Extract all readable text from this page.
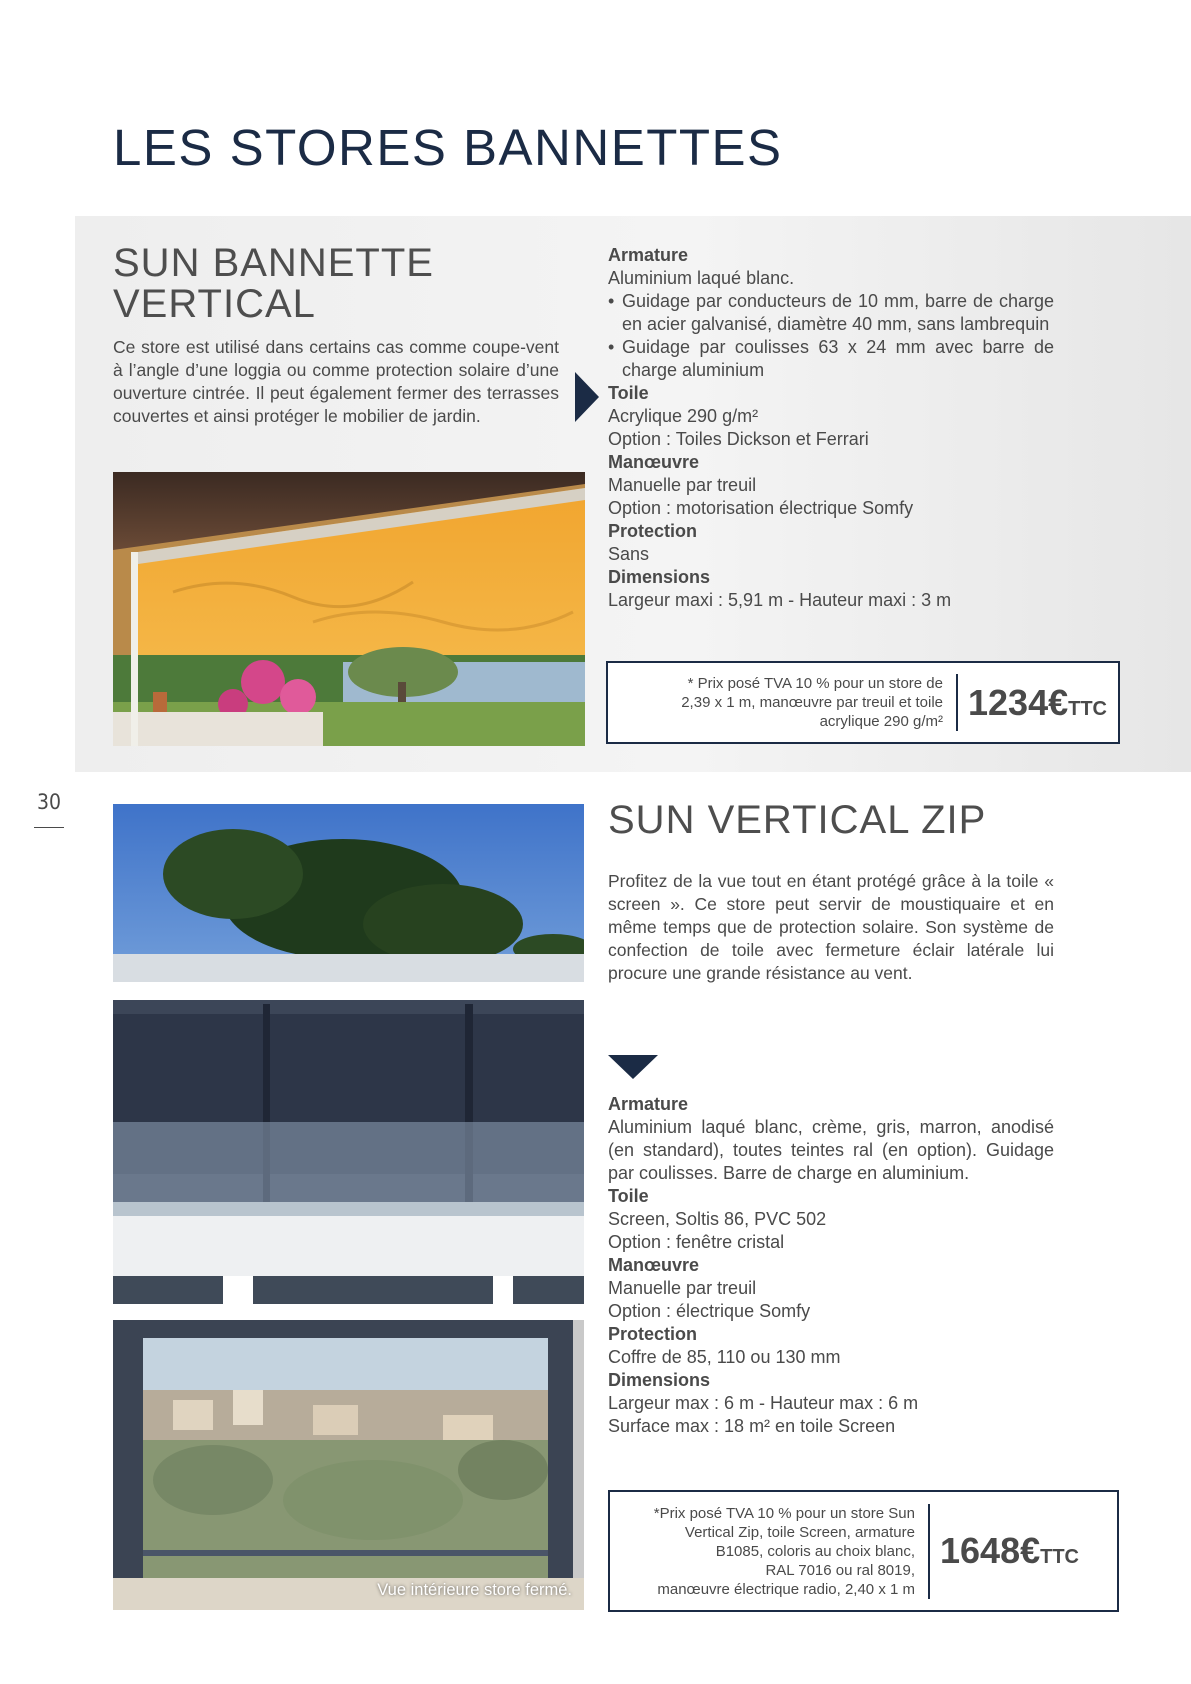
LES STORES BANNETTES
SUN BANNETTE
VERTICAL

Ce store est utilisé dans certains cas comme coupe-vent à l’angle d’une loggia ou comme protection solaire d’une ouverture cintrée. Il peut également fermer des terrasses couvertes et ainsi protéger le mobilier de jardin.

Armature

Aluminium laqué blanc.

• Guidage par conducteurs de 10 mm, barre de charge en acier galvanisé, diamètre 40 mm, sans lambrequin
• Guidage par coulisses 63 x 24 mm avec barre de charge aluminium
Toile

Acrylique 290 g/m²

Option : Toiles Dickson et Ferrari

Manœuvre

Manuelle par treuil

Option : motorisation électrique Somfy

Protection

Sans

Dimensions

Largeur maxi : 5,91 m - Hauteur maxi : 3 m

* Prix posé TVA 10 % pour un store de
2,39 x 1 m, manœuvre par treuil et toile
acrylique 290 g/m² 1234€TTC
30
Vue intérieure store fermé.
SUN VERTICAL ZIP

Profitez de la vue tout en étant protégé grâce à la toile « screen ». Ce store peut servir de moustiquaire et en même temps que de protection solaire. Son système de confection de toile avec fermeture éclair latérale lui procure une grande résistance au vent.

Armature

Aluminium laqué blanc, crème, gris, marron, anodisé (en standard), toutes teintes ral (en option). Guidage par coulisses. Barre de charge en aluminium.

Toile

Screen, Soltis 86, PVC 502

Option : fenêtre cristal

Manœuvre

Manuelle par treuil

Option : électrique Somfy

Protection

Coffre de 85, 110 ou 130 mm

Dimensions

Largeur max : 6 m - Hauteur max : 6 m

Surface max : 18 m² en toile Screen

*Prix posé TVA 10 % pour un store Sun
Vertical Zip, toile Screen, armature
B1085, coloris au choix blanc,
RAL 7016 ou ral 8019,
manœuvre électrique radio, 2,40 x 1 m
1648€TTC
